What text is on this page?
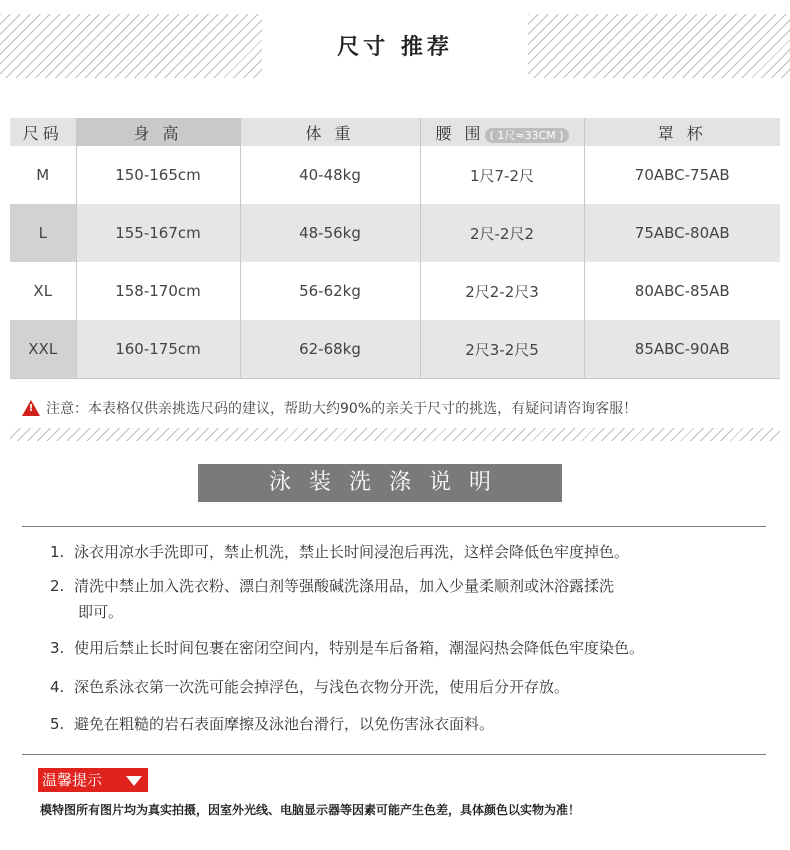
尺寸 推荐
尺码	身 高	体 重	腰 围 ( 1尺≈33CM )	罩 杯
M	150-165cm	40-48kg	1尺7-2尺	70ABC-75AB
L	155-167cm	48-56kg	2尺-2尺2	75ABC-80AB
XL	158-170cm	56-62kg	2尺2-2尺3	80ABC-85AB
XXL	160-175cm	62-68kg	2尺3-2尺5	85ABC-90AB
! 注意：本表格仅供亲挑选尺码的建议，帮助大约90%的亲关于尺寸的挑选，有疑问请咨询客服！
泳装洗涤说明
1. 泳衣用凉水手洗即可，禁止机洗，禁止长时间浸泡后再洗，这样会降低色牢度掉色。
2. 清洗中禁止加入洗衣粉、漂白剂等强酸碱洗涤用品，加入少量柔顺剂或沐浴露揉洗
即可。
3. 使用后禁止长时间包裹在密闭空间内，特别是车后备箱，潮湿闷热会降低色牢度染色。
4. 深色系泳衣第一次洗可能会掉浮色，与浅色衣物分开洗，使用后分开存放。
5. 避免在粗糙的岩石表面摩擦及泳池台滑行，以免伤害泳衣面料。
温馨提示
模特图所有图片均为真实拍摄，因室外光线、电脑显示器等因素可能产生色差，具体颜色以实物为准！
